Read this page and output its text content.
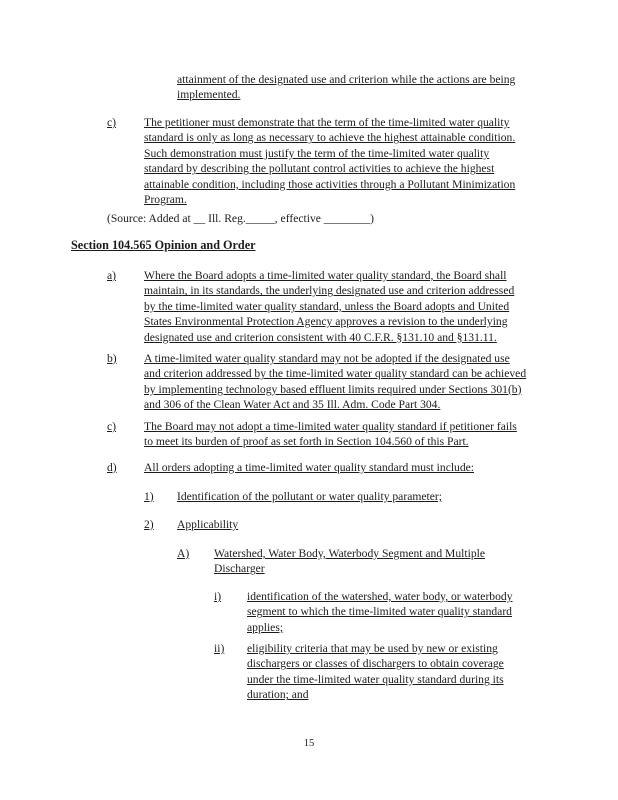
attainment of the designated use and criterion while the actions are being
implemented.
c) The petitioner must demonstrate that the term of the time-limited water quality
standard is only as long as necessary to achieve the highest attainable condition.
Such demonstration must justify the term of the time-limited water quality
standard by describing the pollutant control activities to achieve the highest
attainable condition, including those activities through a Pollutant Minimization
Program.
(Source: Added at __ Ill. Reg._____, effective ________)
Section 104.565 Opinion and Order
a) Where the Board adopts a time-limited water quality standard, the Board shall
maintain, in its standards, the underlying designated use and criterion addressed
by the time-limited water quality standard, unless the Board adopts and United
States Environmental Protection Agency approves a revision to the underlying
designated use and criterion consistent with 40 C.F.R. §131.10 and §131.11.
b) A time-limited water quality standard may not be adopted if the designated use
and criterion addressed by the time-limited water quality standard can be achieved
by implementing technology based effluent limits required under Sections 301(b)
and 306 of the Clean Water Act and 35 Ill. Adm. Code Part 304.
c) The Board may not adopt a time-limited water quality standard if petitioner fails
to meet its burden of proof as set forth in Section 104.560 of this Part.
d) All orders adopting a time-limited water quality standard must include:
1) Identification of the pollutant or water quality parameter;
2) Applicability
A) Watershed, Water Body, Waterbody Segment and Multiple
Discharger
i) identification of the watershed, water body, or waterbody
segment to which the time-limited water quality standard
applies;
ii) eligibility criteria that may be used by new or existing
dischargers or classes of dischargers to obtain coverage
under the time-limited water quality standard during its
duration; and
15
